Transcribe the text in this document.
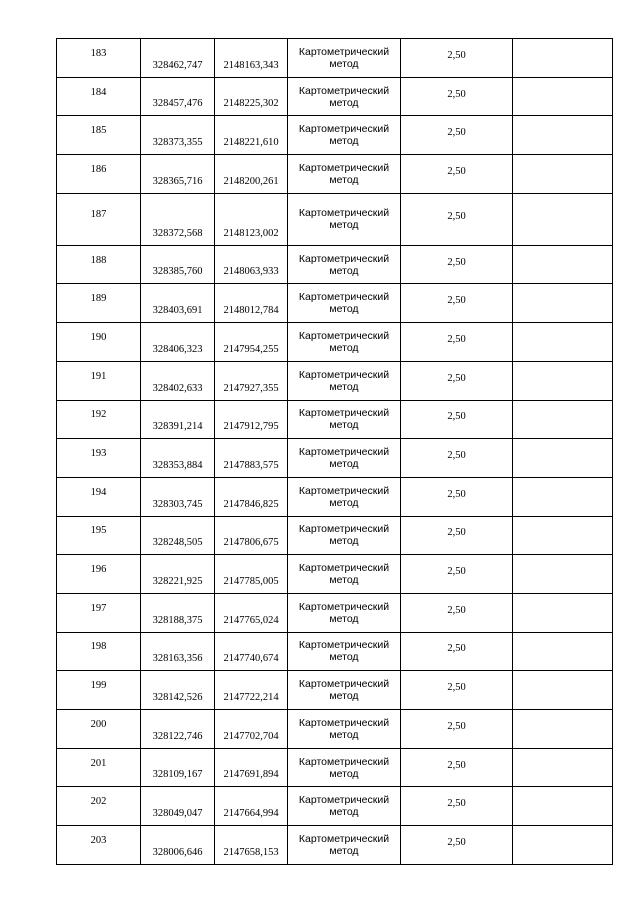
183	328462,747	2148163,343	Картометрический
метод	2,50	
184	328457,476	2148225,302	Картометрический
метод	2,50	
185	328373,355	2148221,610	Картометрический
метод	2,50	
186	328365,716	2148200,261	Картометрический
метод	2,50	
187	328372,568	2148123,002	Картометрический
метод	2,50	
188	328385,760	2148063,933	Картометрический
метод	2,50	
189	328403,691	2148012,784	Картометрический
метод	2,50	
190	328406,323	2147954,255	Картометрический
метод	2,50	
191	328402,633	2147927,355	Картометрический
метод	2,50	
192	328391,214	2147912,795	Картометрический
метод	2,50	
193	328353,884	2147883,575	Картометрический
метод	2,50	
194	328303,745	2147846,825	Картометрический
метод	2,50	
195	328248,505	2147806,675	Картометрический
метод	2,50	
196	328221,925	2147785,005	Картометрический
метод	2,50	
197	328188,375	2147765,024	Картометрический
метод	2,50	
198	328163,356	2147740,674	Картометрический
метод	2,50	
199	328142,526	2147722,214	Картометрический
метод	2,50	
200	328122,746	2147702,704	Картометрический
метод	2,50	
201	328109,167	2147691,894	Картометрический
метод	2,50	
202	328049,047	2147664,994	Картометрический
метод	2,50	
203	328006,646	2147658,153	Картометрический
метод	2,50	
